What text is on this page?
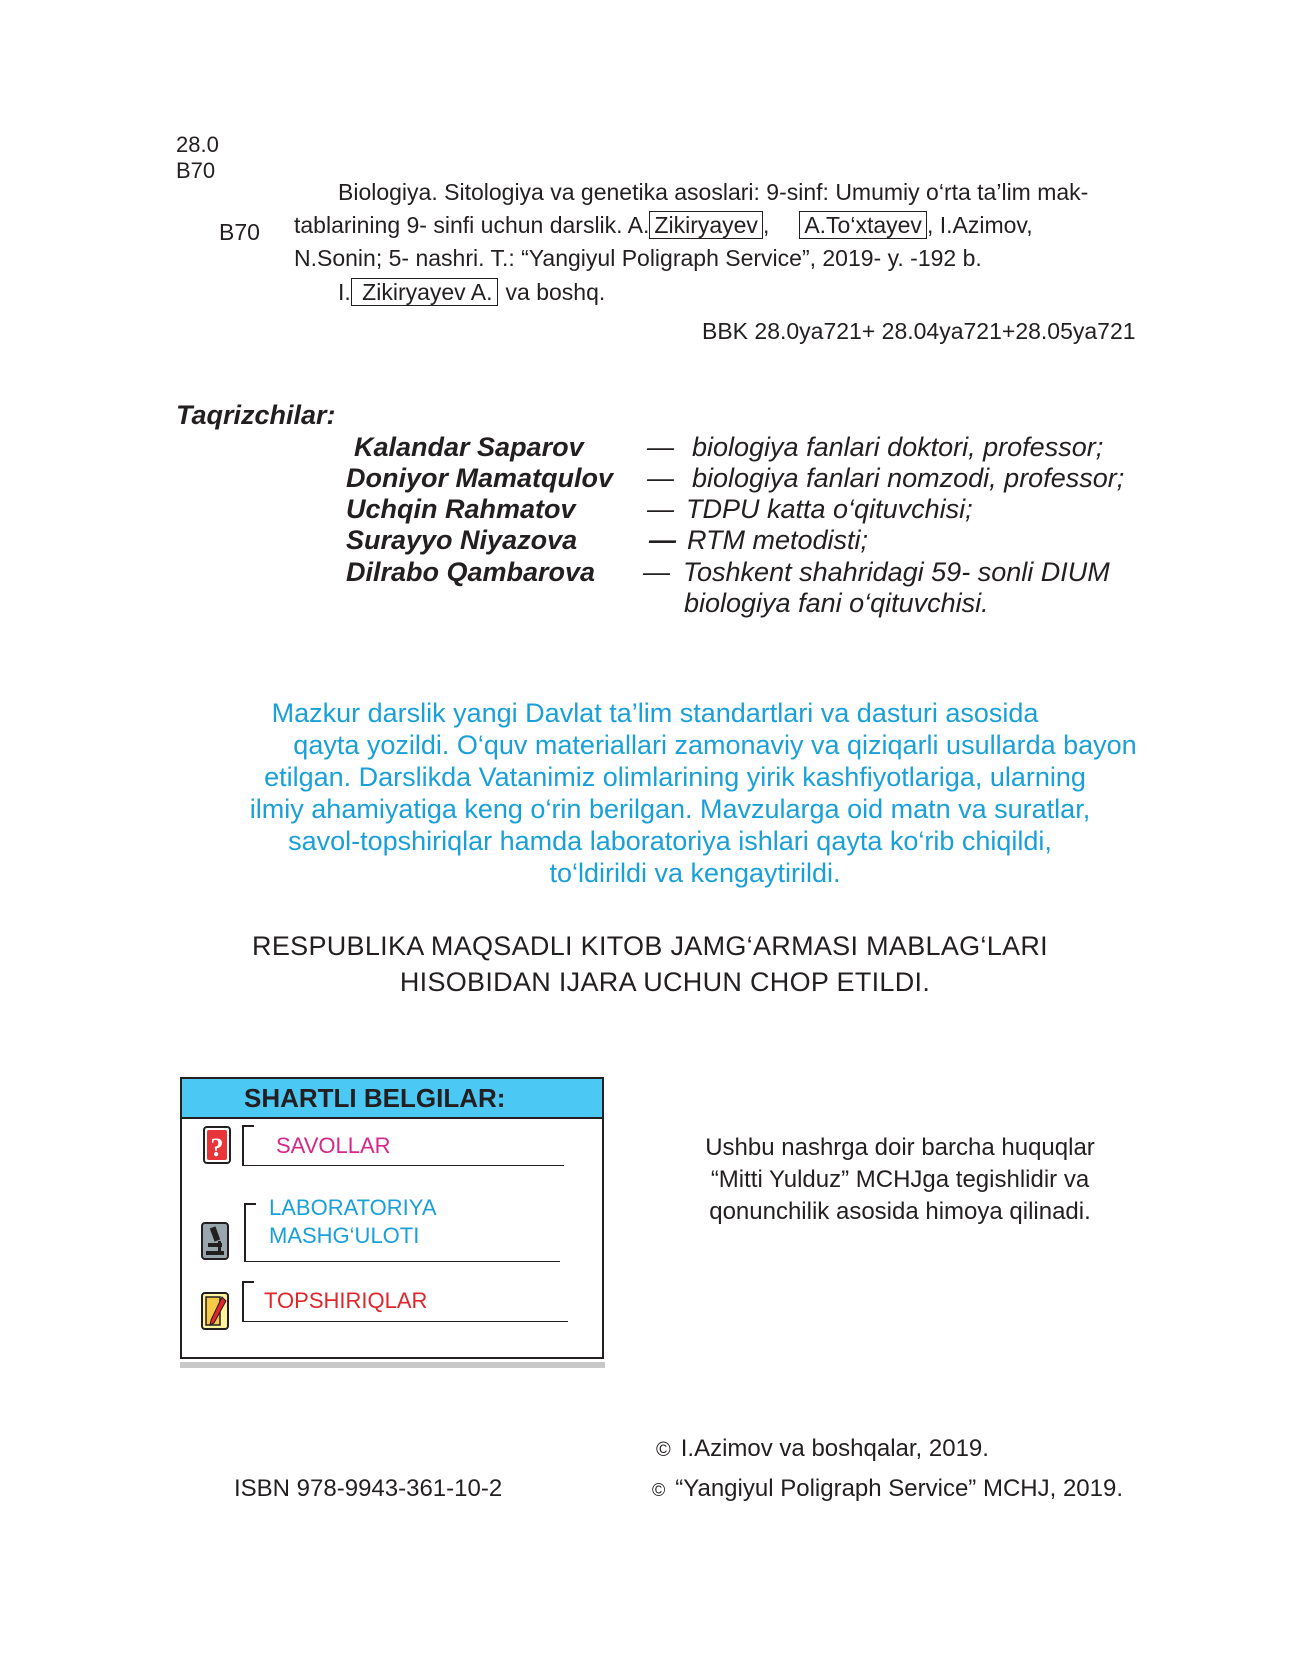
28.0
B70
B70
Biologiya. Sitologiya va genetika asoslari: 9-sinf: Umumiy o‘rta ta’lim mak-
tablarining 9- sinfi uchun darslik. A. Zikiryayev , A.To‘xtayev , I.Azimov,
N.Sonin; 5- nashri. T.: “Yangiyul Poligraph Service”, 2019- y. -192 b.
I. Zikiryayev A. va boshq.
BBK 28.0ya721+ 28.04ya721+28.05ya721
Taqrizchilar:
Kalandar Saparov — biologiya fanlari doktori, professor;
Doniyor Mamatqulov — biologiya fanlari nomzodi, professor;
Uchqin Rahmatov	— TDPU katta o‘qituvchisi;
Surayyo Niyazova	— RTM metodisti;
Dilrabo Qambarova — Toshkent shahridagi 59- sonli DIUM
biologiya fani o‘qituvchisi.
Mazkur darslik yangi Davlat ta’lim standartlari va dasturi asosida
qayta yozildi. O‘quv materiallari zamonaviy va qiziqarli usullarda bayon
etilgan. Darslikda Vatanimiz olimlarining yirik kashfiyotlariga, ularning
ilmiy ahamiyatiga keng o‘rin berilgan. Mavzularga oid matn va suratlar,
savol-topshiriqlar hamda laboratoriya ishlari qayta ko‘rib chiqildi,
to‘ldirildi va kengaytirildi.
RESPUBLIKA MAQSADLI KITOB JAMG‘ARMASI MABLAG‘LARI
HISOBIDAN IJARA UCHUN CHOP ETILDI.
SHARTLI BELGILAR:
? SAVOLLAR
LABORATORIYA
MASHG‘ULOTI
TOPSHIRIQLAR
Ushbu nashrga doir barcha huquqlar
“Mitti Yulduz” MCHJga tegishlidir va
qonunchilik asosida himoya qilinadi.
ISBN 978-9943-361-10-2
© I.Azimov va boshqalar, 2019.
© “Yangiyul Poligraph Service” MCHJ, 2019.
